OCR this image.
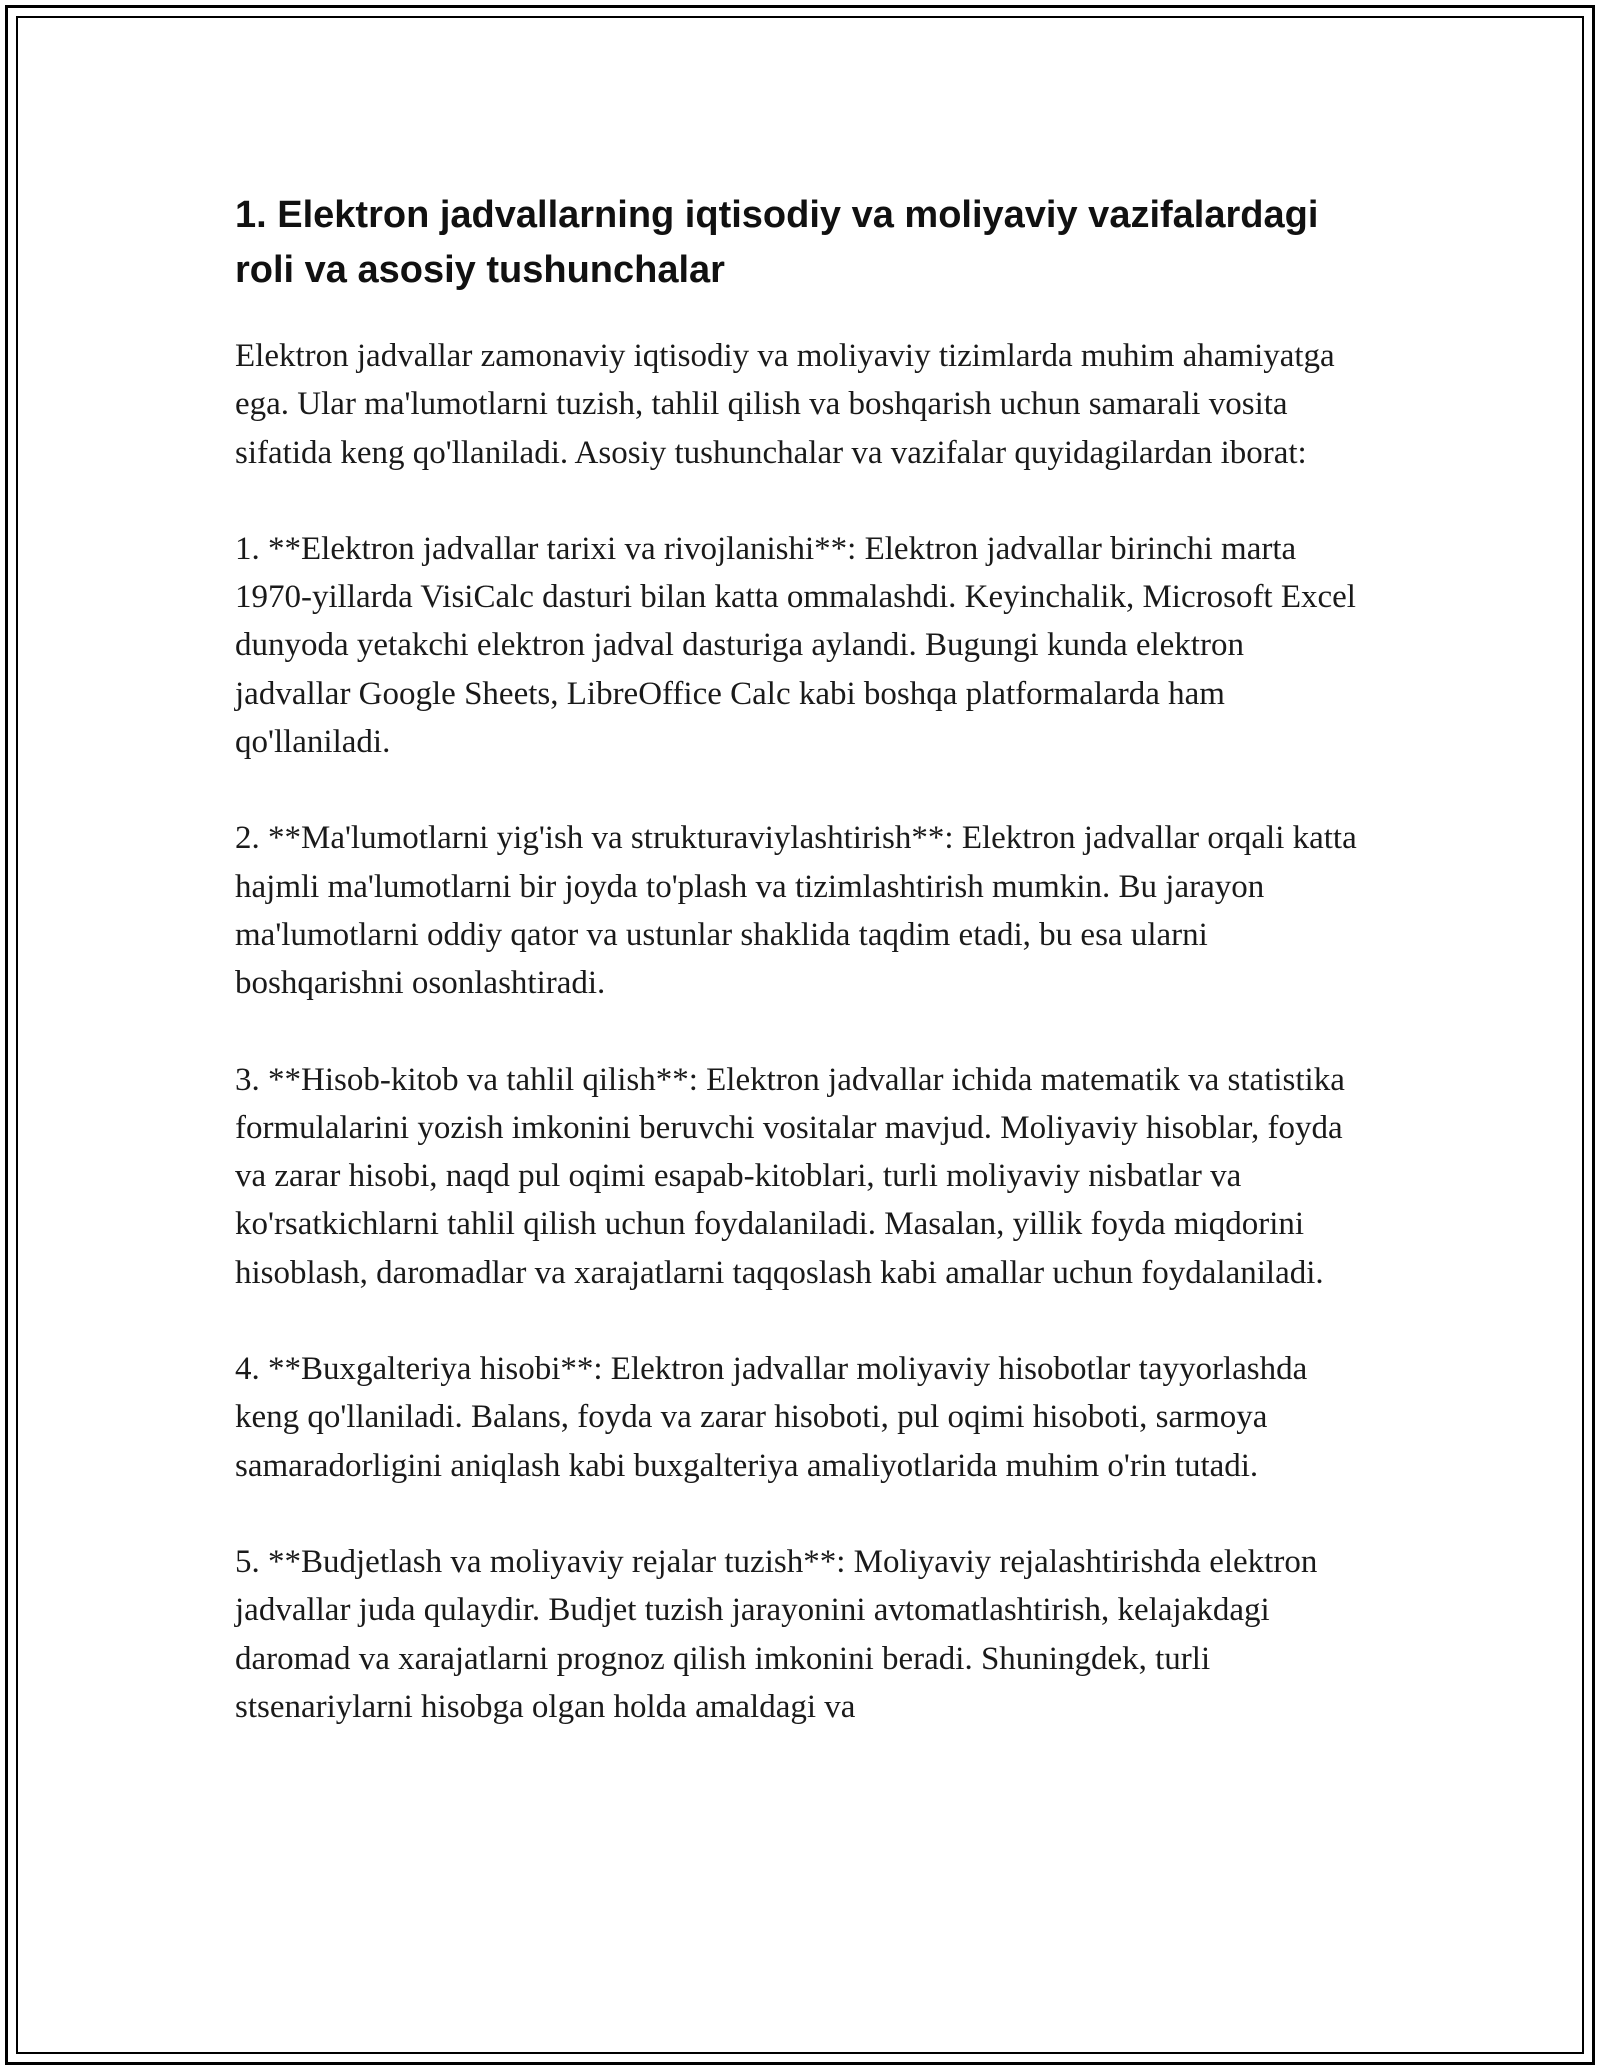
1. Elektron jadvallarning iqtisodiy va moliyaviy vazifalardagi roli va asosiy tushunchalar

Elektron jadvallar zamonaviy iqtisodiy va moliyaviy tizimlarda muhim ahamiyatga ega. Ular ma'lumotlarni tuzish, tahlil qilish va boshqarish uchun samarali vosita sifatida keng qo'llaniladi. Asosiy tushunchalar va vazifalar quyidagilardan iborat:

1. **Elektron jadvallar tarixi va rivojlanishi**: Elektron jadvallar birinchi marta 1970-yillarda VisiCalc dasturi bilan katta ommalashdi. Keyinchalik, Microsoft Excel dunyoda yetakchi elektron jadval dasturiga aylandi. Bugungi kunda elektron jadvallar Google Sheets, LibreOffice Calc kabi boshqa platformalarda ham qo'llaniladi.

2. **Ma'lumotlarni yig'ish va strukturaviylashtirish**: Elektron jadvallar orqali katta hajmli ma'lumotlarni bir joyda to'plash va tizimlashtirish mumkin. Bu jarayon ma'lumotlarni oddiy qator va ustunlar shaklida taqdim etadi, bu esa ularni boshqarishni osonlashtiradi.

3. **Hisob-kitob va tahlil qilish**: Elektron jadvallar ichida matematik va statistika formulalarini yozish imkonini beruvchi vositalar mavjud. Moliyaviy hisoblar, foyda va zarar hisobi, naqd pul oqimi esapab-kitoblari, turli moliyaviy nisbatlar va ko'rsatkichlarni tahlil qilish uchun foydalaniladi. Masalan, yillik foyda miqdorini hisoblash, daromadlar va xarajatlarni taqqoslash kabi amallar uchun foydalaniladi.

4. **Buxgalteriya hisobi**: Elektron jadvallar moliyaviy hisobotlar tayyorlashda keng qo'llaniladi. Balans, foyda va zarar hisoboti, pul oqimi hisoboti, sarmoya samaradorligini aniqlash kabi buxgalteriya amaliyotlarida muhim o'rin tutadi.

5. **Budjetlash va moliyaviy rejalar tuzish**: Moliyaviy rejalashtirishda elektron jadvallar juda qulaydir. Budjet tuzish jarayonini avtomatlashtirish, kelajakdagi daromad va xarajatlarni prognoz qilish imkonini beradi. Shuningdek, turli stsenariylarni hisobga olgan holda amaldagi va
